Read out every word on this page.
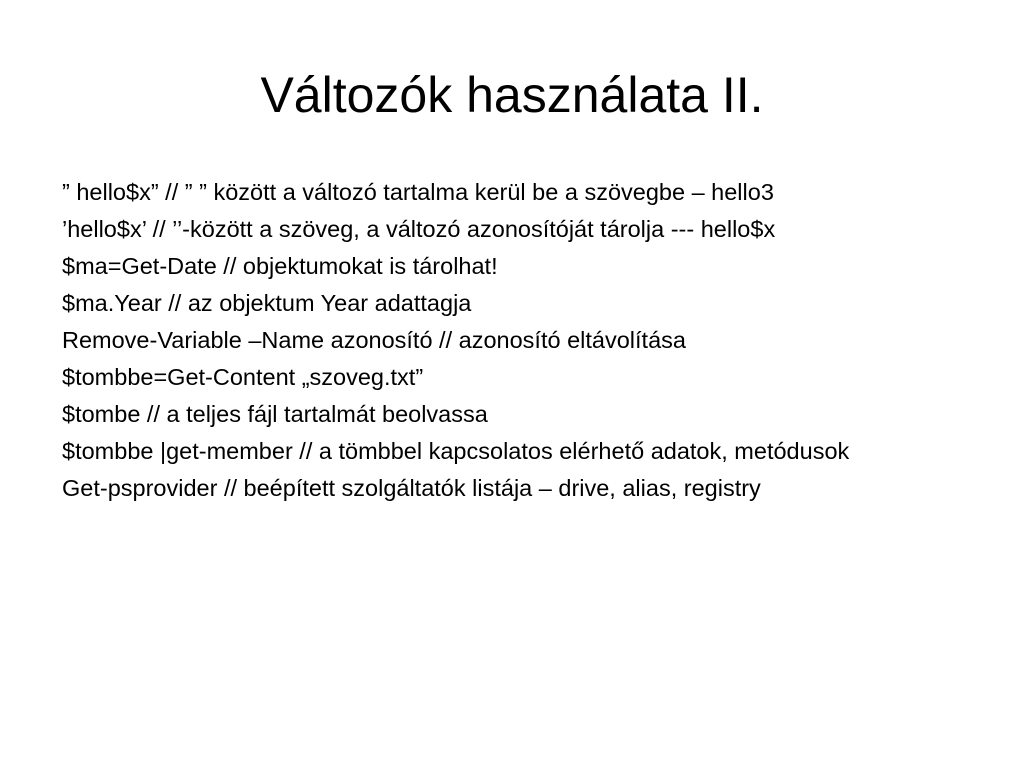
Változók használata II.
” hello$x” // ” ” között a változó tartalma kerül be a szövegbe – hello3
’hello$x’ // ’’-között a szöveg, a változó azonosítóját tárolja --- hello$x
$ma=Get-Date // objektumokat is tárolhat!
$ma.Year // az objektum Year adattagja
Remove-Variable –Name azonosító // azonosító eltávolítása
$tombbe=Get-Content „szoveg.txt”
$tombe // a teljes fájl tartalmát beolvassa
$tombbe |get-member // a tömbbel kapcsolatos elérhető adatok, metódusok
Get-psprovider // beépített szolgáltatók listája – drive, alias, registry
